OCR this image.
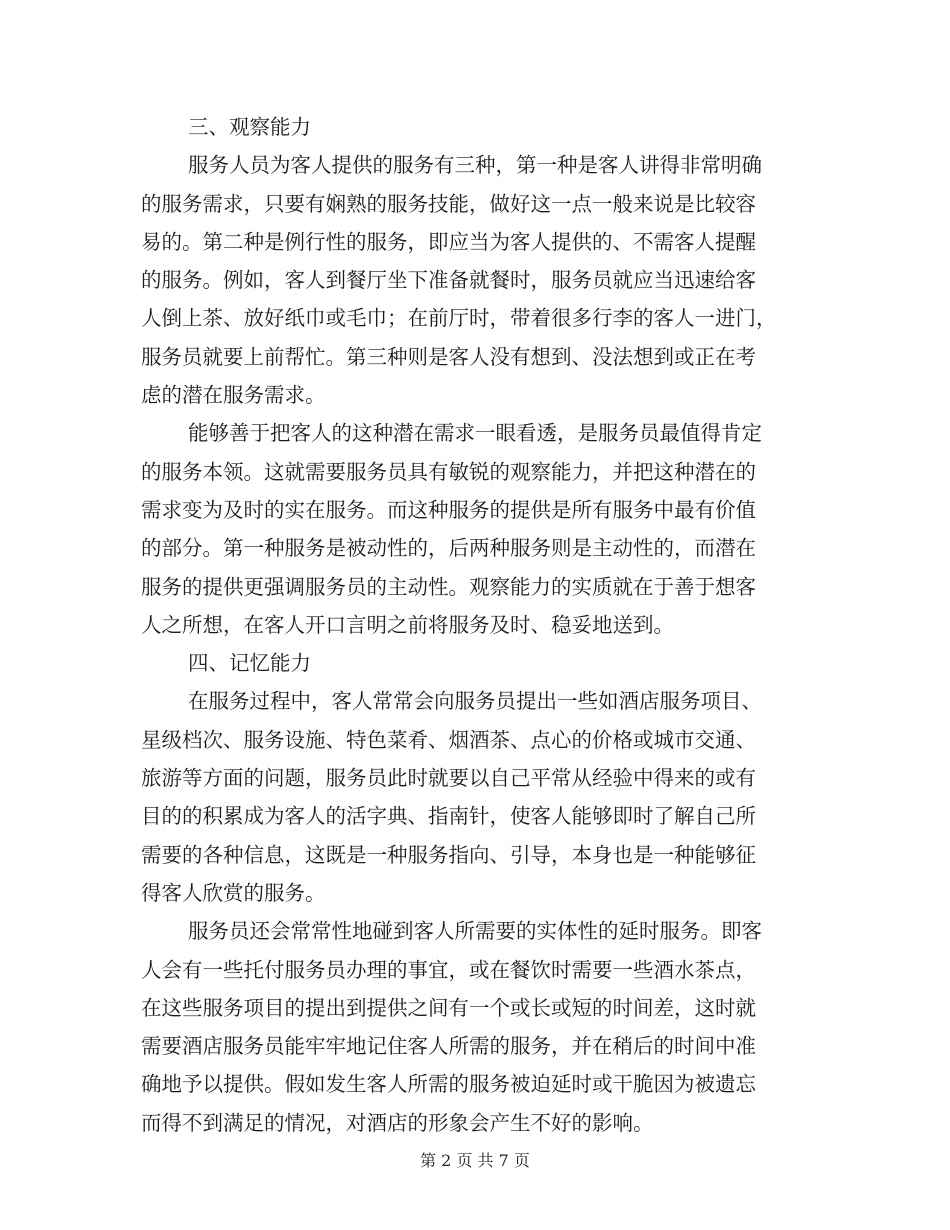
三、观察能力
服务人员为客人提供的服务有三种，第一种是客人讲得非常明确
的服务需求，只要有娴熟的服务技能，做好这一点一般来说是比较容
易的。第二种是例行性的服务，即应当为客人提供的、不需客人提醒
的服务。例如，客人到餐厅坐下准备就餐时，服务员就应当迅速给客
人倒上茶、放好纸巾或毛巾；在前厅时，带着很多行李的客人一进门，
服务员就要上前帮忙。第三种则是客人没有想到、没法想到或正在考
虑的潜在服务需求。
能够善于把客人的这种潜在需求一眼看透，是服务员最值得肯定
的服务本领。这就需要服务员具有敏锐的观察能力，并把这种潜在的
需求变为及时的实在服务。而这种服务的提供是所有服务中最有价值
的部分。第一种服务是被动性的，后两种服务则是主动性的，而潜在
服务的提供更强调服务员的主动性。观察能力的实质就在于善于想客
人之所想，在客人开口言明之前将服务及时、稳妥地送到。
四、记忆能力
在服务过程中，客人常常会向服务员提出一些如酒店服务项目、
星级档次、服务设施、特色菜肴、烟酒茶、点心的价格或城市交通、
旅游等方面的问题，服务员此时就要以自己平常从经验中得来的或有
目的的积累成为客人的活字典、指南针，使客人能够即时了解自己所
需要的各种信息，这既是一种服务指向、引导，本身也是一种能够征
得客人欣赏的服务。
服务员还会常常性地碰到客人所需要的实体性的延时服务。即客
人会有一些托付服务员办理的事宜，或在餐饮时需要一些酒水茶点，
在这些服务项目的提出到提供之间有一个或长或短的时间差，这时就
需要酒店服务员能牢牢地记住客人所需的服务，并在稍后的时间中准
确地予以提供。假如发生客人所需的服务被迫延时或干脆因为被遗忘
而得不到满足的情况，对酒店的形象会产生不好的影响。
第 2 页 共 7 页
